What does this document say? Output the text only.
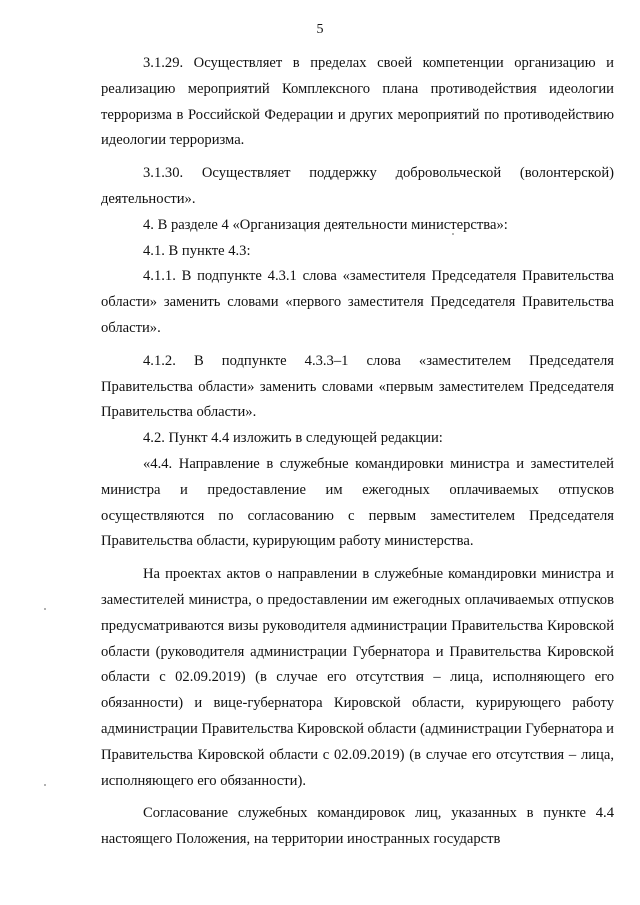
5

3.1.29. Осуществляет в пределах своей компетенции организацию и реализацию мероприятий Комплексного плана противодействия идеологии терроризма в Российской Федерации и других мероприятий по противодействию идеологии терроризма.

3.1.30. Осуществляет поддержку добровольческой (волонтерской) деятельности».

4. В разделе 4 «Организация деятельности министерства»:

4.1. В пункте 4.3:

4.1.1. В подпункте 4.3.1 слова «заместителя Председателя Правительства области» заменить словами «первого заместителя Председателя Правительства области».

4.1.2. В подпункте 4.3.3–1 слова «заместителем Председателя Правительства области» заменить словами «первым заместителем Председателя Правительства области».

4.2. Пункт 4.4 изложить в следующей редакции:

«4.4. Направление в служебные командировки министра и заместителей министра и предоставление им ежегодных оплачиваемых отпусков осуществляются по согласованию с первым заместителем Председателя Правительства области, курирующим работу министерства.

На проектах актов о направлении в служебные командировки министра и заместителей министра, о предоставлении им ежегодных оплачиваемых отпусков предусматриваются визы руководителя администрации Правительства Кировской области (руководителя администрации Губернатора и Правительства Кировской области с 02.09.2019) (в случае его отсутствия – лица, исполняющего его обязанности) и вице-губернатора Кировской области, курирующего работу администрации Правительства Кировской области (администрации Губернатора и Правительства Кировской области с 02.09.2019) (в случае его отсутствия – лица, исполняющего его обязанности).

Согласование служебных командировок лиц, указанных в пункте 4.4 настоящего Положения, на территории иностранных государств
